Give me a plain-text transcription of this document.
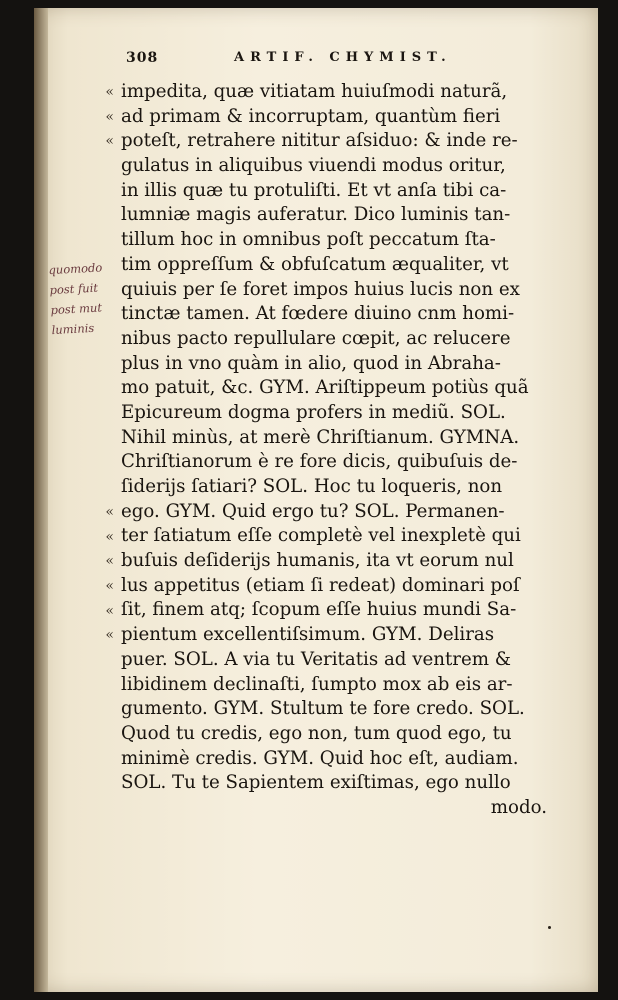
308	ARTIF. CHYMIST.
«
«
«
«
«
«
«
«
«
quomodo
post fuit
post mut
luminis
impedita, quæ vitiatam huiuſmodi naturã,
ad primam & incorruptam, quantùm fieri
poteſt, retrahere nititur aſsiduo: & inde re-
gulatus in aliquibus viuendi modus oritur,
in illis quæ tu protuliſti. Et vt anſa tibi ca-
lumniæ magis auferatur. Dico luminis tan-
tillum hoc in omnibus poſt peccatum ſta-
tim oppreſſum & obfuſcatum æqualiter, vt
quiuis per ſe foret impos huius lucis non ex
tinctæ tamen. At fœdere diuino cnm homi-
nibus pacto repullulare cœpit, ac relucere
plus in vno quàm in alio, quod in Abraha-
mo patuit, &c. GYM. Ariſtippeum potiùs quã
Epicureum dogma profers in mediũ. SOL.
Nihil minùs, at merè Chriſtianum. GYMNA.
Chriſtianorum è re fore dicis, quibuſuis de-
ſiderijs ſatiari? SOL. Hoc tu loqueris, non
ego. GYM. Quid ergo tu? SOL. Permanen-
ter ſatiatum eſſe completè vel inexpletè qui
buſuis deſiderijs humanis, ita vt eorum nul
lus appetitus (etiam ſi redeat) dominari poſ
ſit, finem atq; ſcopum eſſe huius mundi Sa-
pientum excellentiſsimum. GYM. Deliras
puer. SOL. A via tu Veritatis ad ventrem &
libidinem declinaſti, ſumpto mox ab eis ar-
gumento. GYM. Stultum te fore credo. SOL.
Quod tu credis, ego non, tum quod ego, tu
minimè credis. GYM. Quid hoc eſt, audiam.
SOL. Tu te Sapientem exiſtimas, ego nullo
modo.
